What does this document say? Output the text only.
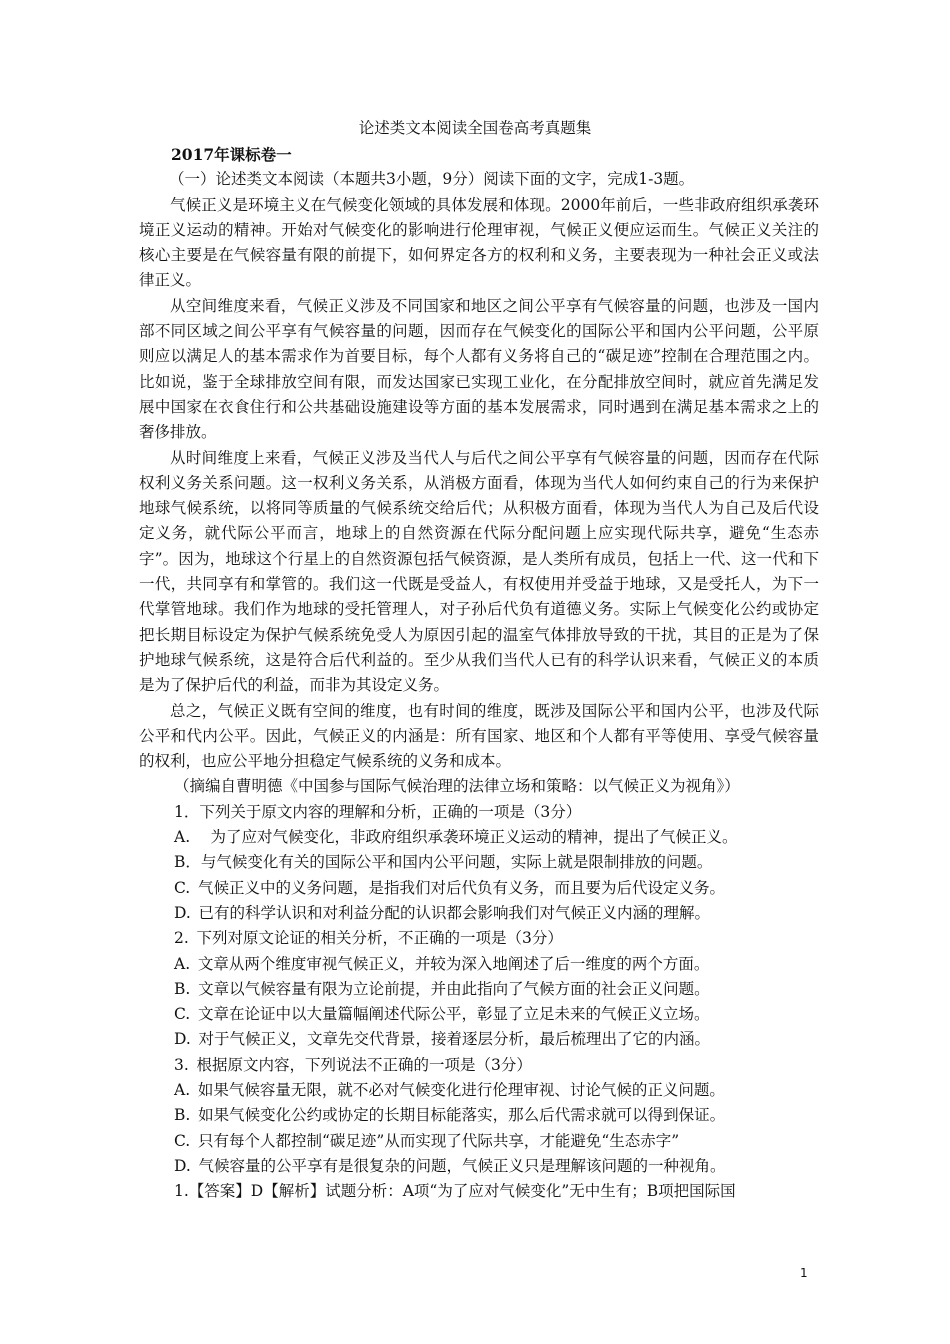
论述类文本阅读全国卷高考真题集

2017年课标卷一

（一）论述类文本阅读（本题共3小题，9分）阅读下面的文字，完成1-3题。

气候正义是环境主义在气候变化领域的具体发展和体现。2000年前后，一些非政府组织承袭环境正义运动的精神。开始对气候变化的影响进行伦理审视，气候正义便应运而生。气候正义关注的核心主要是在气候容量有限的前提下，如何界定各方的权利和义务，主要表现为一种社会正义或法律正义。

从空间维度来看，气候正义涉及不同国家和地区之间公平享有气候容量的问题，也涉及一国内部不同区域之间公平享有气候容量的问题，因而存在气候变化的国际公平和国内公平问题，公平原则应以满足人的基本需求作为首要目标，每个人都有义务将自己的“碳足迹”控制在合理范围之内。比如说，鉴于全球排放空间有限，而发达国家已实现工业化，在分配排放空间时，就应首先满足发展中国家在衣食住行和公共基础设施建设等方面的基本发展需求，同时遇到在满足基本需求之上的奢侈排放。

从时间维度上来看，气候正义涉及当代人与后代之间公平享有气候容量的问题，因而存在代际权利义务关系问题。这一权利义务关系，从消极方面看，体现为当代人如何约束自己的行为来保护地球气候系统，以将同等质量的气候系统交给后代；从积极方面看，体现为当代人为自己及后代设定义务，就代际公平而言，地球上的自然资源在代际分配问题上应实现代际共享，避免“生态赤字”。因为，地球这个行星上的自然资源包括气候资源，是人类所有成员，包括上一代、这一代和下一代，共同享有和掌管的。我们这一代既是受益人，有权使用并受益于地球，又是受托人，为下一代掌管地球。我们作为地球的受托管理人，对子孙后代负有道德义务。实际上气候变化公约或协定把长期目标设定为保护气候系统免受人为原因引起的温室气体排放导致的干扰，其目的正是为了保护地球气候系统，这是符合后代利益的。至少从我们当代人已有的科学认识来看，气候正义的本质是为了保护后代的利益，而非为其设定义务。

总之，气候正义既有空间的维度，也有时间的维度，既涉及国际公平和国内公平，也涉及代际公平和代内公平。因此，气候正义的内涵是：所有国家、地区和个人都有平等使用、享受气候容量的权利，也应公平地分担稳定气候系统的义务和成本。

（摘编自曹明德《中国参与国际气候治理的法律立场和策略：以气候正义为视角》）

1．下列关于原文内容的理解和分析，正确的一项是（3分）

A.　 为了应对气候变化，非政府组织承袭环境正义运动的精神，提出了气候正义。

B．与气候变化有关的国际公平和国内公平问题，实际上就是限制排放的问题。

C. 气候正义中的义务问题，是指我们对后代负有义务，而且要为后代设定义务。

D. 已有的科学认识和对利益分配的认识都会影响我们对气候正义内涵的理解。

2. 下列对原文论证的相关分析，不正确的一项是（3分）

A. 文章从两个维度审视气候正义，并较为深入地阐述了后一维度的两个方面。

B. 文章以气候容量有限为立论前提，并由此指向了气候方面的社会正义问题。

C. 文章在论证中以大量篇幅阐述代际公平，彰显了立足未来的气候正义立场。

D. 对于气候正义，文章先交代背景，接着逐层分析，最后梳理出了它的内涵。

3. 根据原文内容，下列说法不正确的一项是（3分）

A. 如果气候容量无限，就不必对气候变化进行伦理审视、讨论气候的正义问题。

B. 如果气候变化公约或协定的长期目标能落实，那么后代需求就可以得到保证。

C. 只有每个人都控制“碳足迹”从而实现了代际共享，才能避免“生态赤字”

D. 气候容量的公平享有是很复杂的问题，气候正义只是理解该问题的一种视角。

1.【答案】D【解析】试题分析：A项“为了应对气候变化”无中生有；B项把国际国

1
